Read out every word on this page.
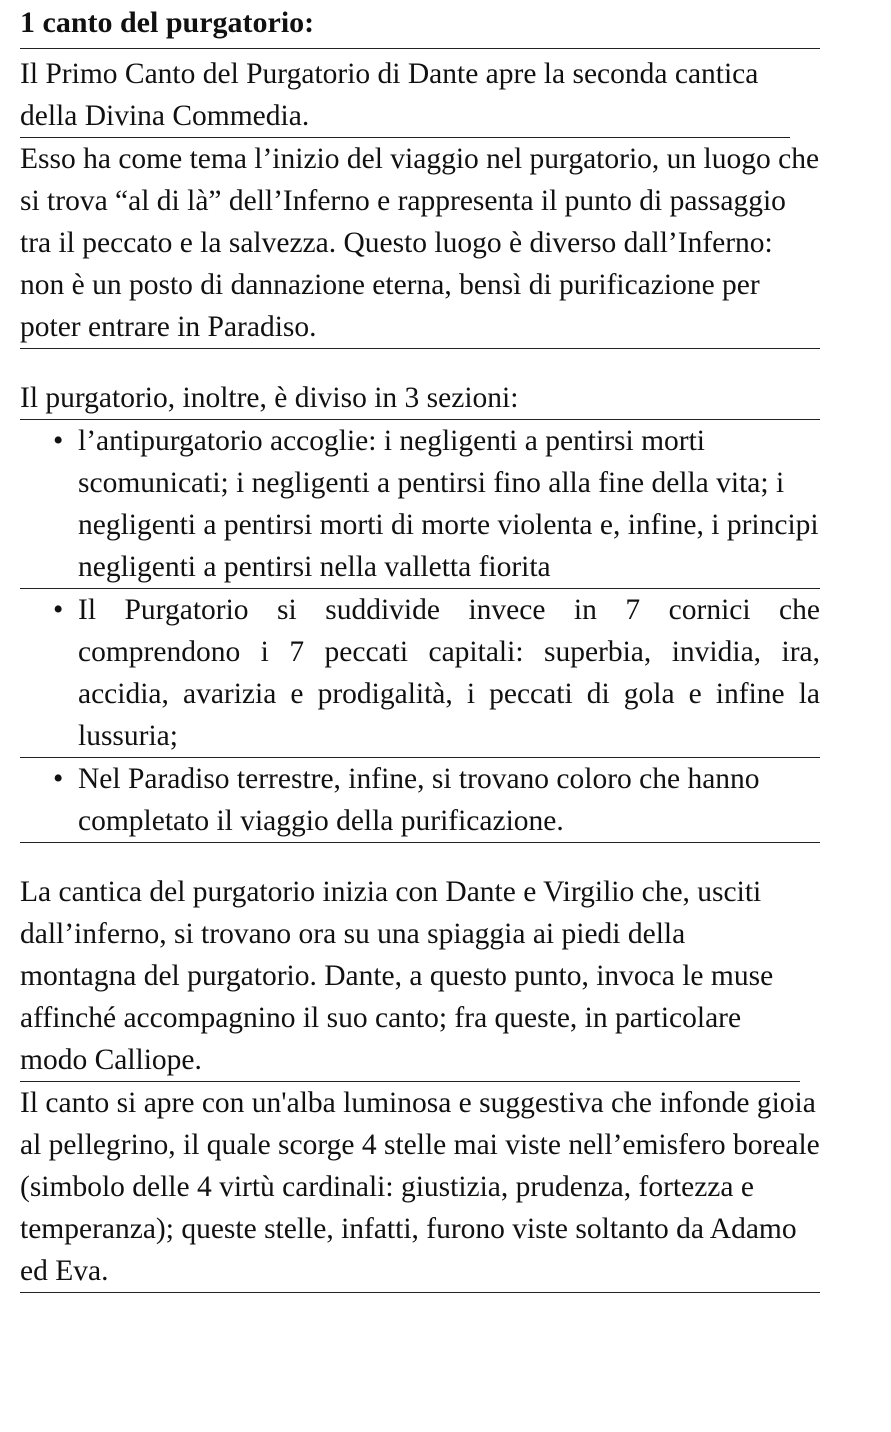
1 canto del purgatorio:

Il Primo Canto del Purgatorio di Dante apre la seconda cantica della Divina Commedia.

Esso ha come tema l’inizio del viaggio nel purgatorio, un luogo che si trova “al di là” dell’Inferno e rappresenta il punto di passaggio tra il peccato e la salvezza. Questo luogo è diverso dall’Inferno: non è un posto di dannazione eterna, bensì di purificazione per poter entrare in Paradiso.

Il purgatorio, inoltre, è diviso in 3 sezioni:

• l’antipurgatorio accoglie: i negligenti a pentirsi morti scomunicati; i negligenti a pentirsi fino alla fine della vita; i negligenti a pentirsi morti di morte violenta e, infine, i principi negligenti a pentirsi nella valletta fiorita
• Il Purgatorio si suddivide invece in 7 cornici che comprendono i 7 peccati capitali: superbia, invidia, ira, accidia, avarizia e prodigalità, i peccati di gola e infine la lussuria;
• Nel Paradiso terrestre, infine, si trovano coloro che hanno completato il viaggio della purificazione.

La cantica del purgatorio inizia con Dante e Virgilio che, usciti dall’inferno, si trovano ora su una spiaggia ai piedi della montagna del purgatorio. Dante, a questo punto, invoca le muse affinché accompagnino il suo canto; fra queste, in particolare modo Calliope.

Il canto si apre con un'alba luminosa e suggestiva che infonde gioia al pellegrino, il quale scorge 4 stelle mai viste nell’emisfero boreale (simbolo delle 4 virtù cardinali: giustizia, prudenza, fortezza e temperanza); queste stelle, infatti, furono viste soltanto da Adamo ed Eva.
